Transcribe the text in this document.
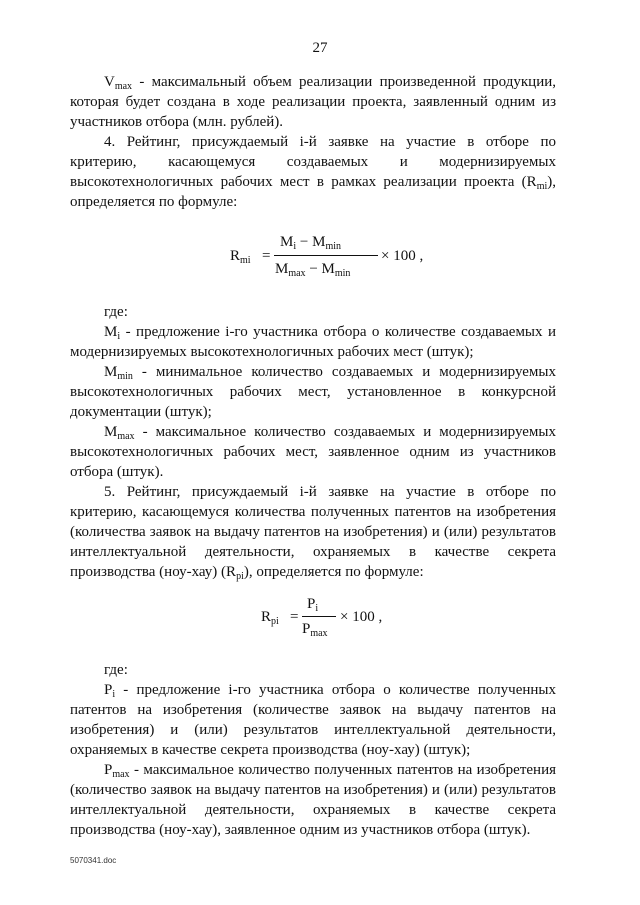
27

$V_{max}$ - максимальный объем реализации произведенной продукции, которая будет создана в ходе реализации проекта, заявленный одним из участников отбора (млн. рублей).

4. Рейтинг, присуждаемый i-й заявке на участие в отборе по критерию, касающемуся создаваемых и модернизируемых высокотехнологичных рабочих мест в рамках реализации проекта $(R_{mi})$, определяется по формуле:

$R_{mi}$ =
$M_i - M_{min}$
$M_{max} - M_{min}$
× 100 ,

где:

$M_i$ - предложение i-го участника отбора о количестве создаваемых и модернизируемых высокотехнологичных рабочих мест (штук);

$M_{min}$ - минимальное количество создаваемых и модернизируемых высокотехнологичных рабочих мест, установленное в конкурсной документации (штук);

$M_{max}$ - максимальное количество создаваемых и модернизируемых высокотехнологичных рабочих мест, заявленное одним из участников отбора (штук).

5. Рейтинг, присуждаемый i-й заявке на участие в отборе по критерию, касающемуся количества полученных патентов на изобретения (количества заявок на выдачу патентов на изобретения) и (или) результатов интеллектуальной деятельности, охраняемых в качестве секрета производства (ноу-хау) $(R_{pi})$, определяется по формуле:

$R_{pi}$ =
$P_i$
$P_{max}$
× 100 ,

где:

$P_i$ - предложение i-го участника отбора о количестве полученных патентов на изобретения (количестве заявок на выдачу патентов на изобретения) и (или) результатов интеллектуальной деятельности, охраняемых в качестве секрета производства (ноу-хау) (штук);

$P_{max}$ - максимальное количество полученных патентов на изобретения (количество заявок на выдачу патентов на изобретения) и (или) результатов интеллектуальной деятельности, охраняемых в качестве секрета производства (ноу-хау), заявленное одним из участников отбора (штук).

5070341.doc
